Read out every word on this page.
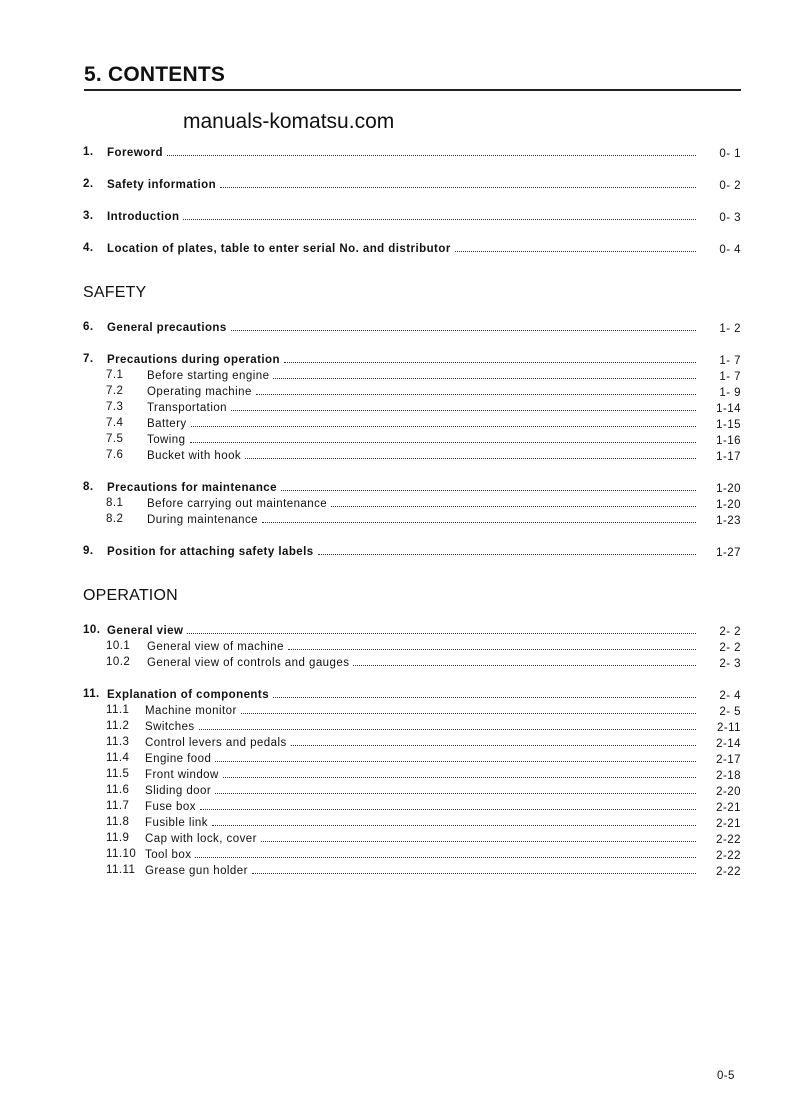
5. CONTENTS
manuals-komatsu.com
1. Foreword	0- 1
2. Safety information	0- 2
3. Introduction	0- 3
4. Location of plates, table to enter serial No. and distributor	0- 4
SAFETY
6. General precautions	1- 2
7. Precautions during operation	1- 7
7.1 Before starting engine	1- 7
7.2 Operating machine	1- 9
7.3 Transportation	1-14
7.4 Battery	1-15
7.5 Towing	1-16
7.6 Bucket with hook	1-17
8. Precautions for maintenance	1-20
8.1 Before carrying out maintenance	1-20
8.2 During maintenance	1-23
9. Position for attaching safety labels	1-27
OPERATION
10. General view	2- 2
10.1 General view of machine	2- 2
10.2 General view of controls and gauges	2- 3
11. Explanation of components	2- 4
11.1 Machine monitor	2- 5
11.2 Switches	2-11
11.3 Control levers and pedals	2-14
11.4 Engine food	2-17
11.5 Front window	2-18
11.6 Sliding door	2-20
11.7 Fuse box	2-21
11.8 Fusible link	2-21
11.9 Cap with lock, cover	2-22
11.10 Tool box	2-22
11.11 Grease gun holder	2-22
0-5
